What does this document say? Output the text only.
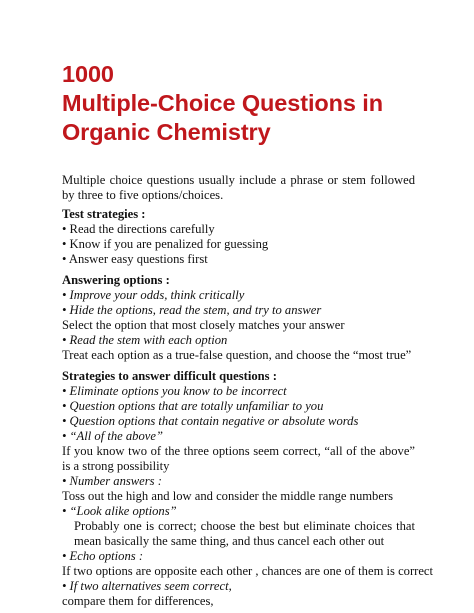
1000
Multiple-Choice Questions in
Organic Chemistry
Multiple choice questions usually include a phrase or stem followed by three to five options/choices.
Test strategies :
• Read the directions carefully
• Know if you are penalized for guessing
• Answer easy questions first
Answering options :
• Improve your odds, think critically
• Hide the options, read the stem, and try to answer
Select the option that most closely matches your answer
• Read the stem with each option
Treat each option as a true-false question, and choose the “most true”
Strategies to answer difficult questions :
• Eliminate options you know to be incorrect
• Question options that are totally unfamiliar to you
• Question options that contain negative or absolute words
• “All of the above”
If you know two of the three options seem correct, “all of the above” is a strong possibility
• Number answers :
Toss out the high and low and consider the middle range numbers
• “Look alike options”
Probably one is correct; choose the best but eliminate choices that mean basically the same thing, and thus cancel each other out
• Echo options :
If two options are opposite each other , chances are one of them is correct
• If two alternatives seem correct,
compare them for differences,
